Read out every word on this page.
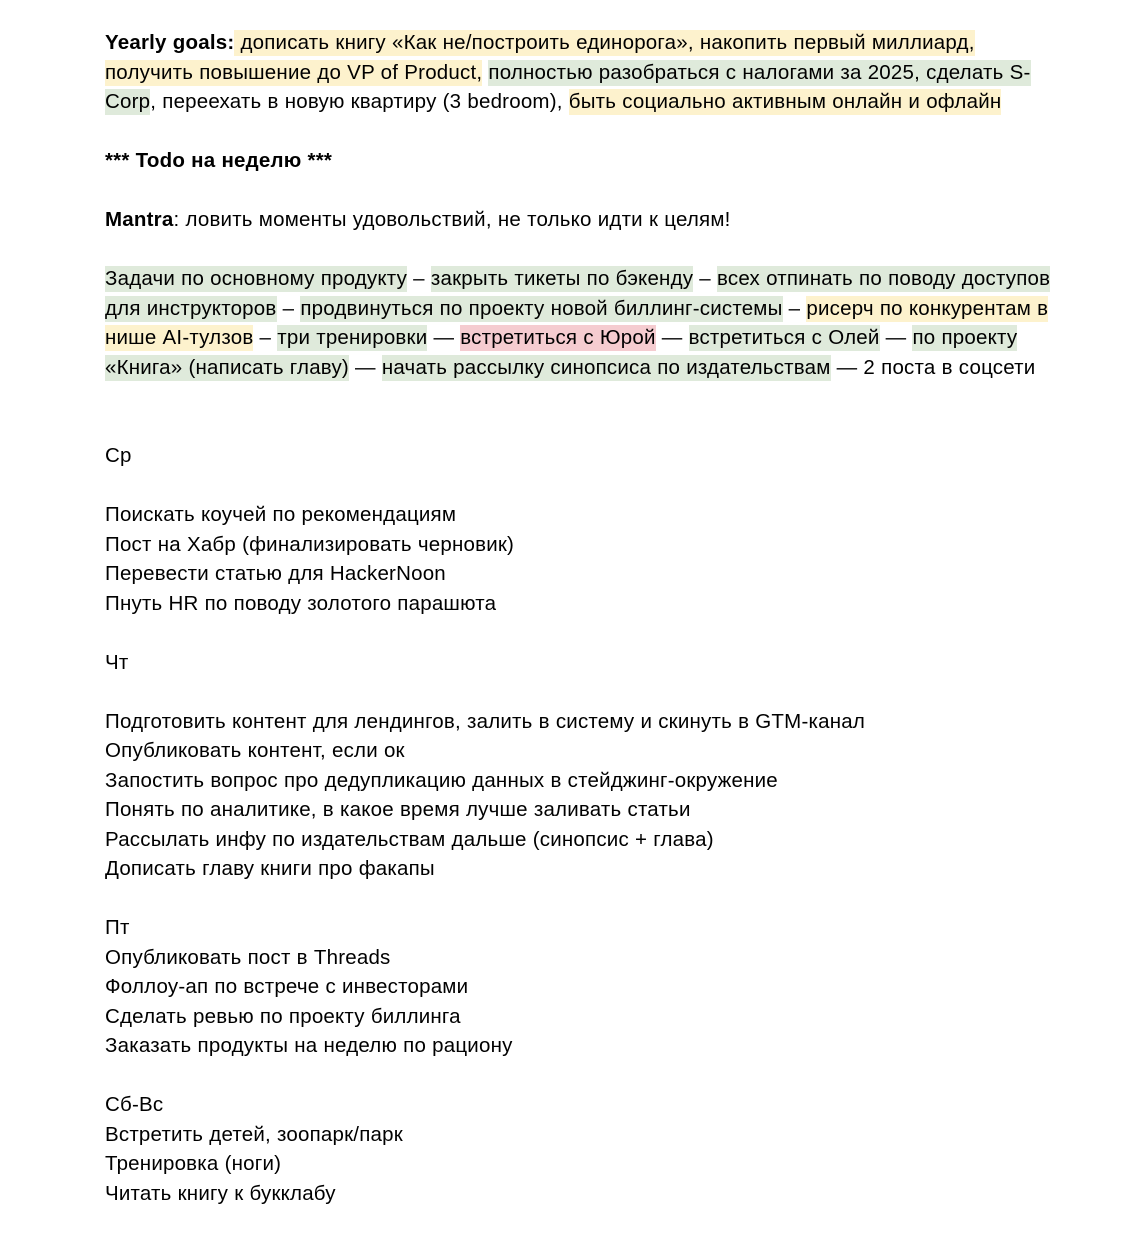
Yearly goals: дописать книгу «Как не/построить единорога», накопить первый миллиард, получить повышение до VP of Product, полностью разобраться с налогами за 2025, сделать S-Corp, переехать в новую квартиру (3 bedroom), быть социально активным онлайн и офлайн

*** Todo на неделю ***

Mantra: ловить моменты удовольствий, не только идти к целям!

Задачи по основному продукту – закрыть тикеты по бэкенду – всех отпинать по поводу доступов для инструкторов – продвинуться по проекту новой биллинг-системы – рисерч по конкурентам в нише AI-тулзов – три тренировки — встретиться с Юрой — встретиться с Олей — по проекту «Книга» (написать главу) — начать рассылку синопсиса по издательствам — 2 поста в соцсети

Ср
Поискать коучей по рекомендациям
Пост на Хабр (финализировать черновик)
Перевести статью для HackerNoon
Пнуть HR по поводу золотого парашюта
Чт
Подготовить контент для лендингов, залить в систему и скинуть в GTM-канал
Опубликовать контент, если ок
Запостить вопрос про дедупликацию данных в стейджинг-окружение
Понять по аналитике, в какое время лучше заливать статьи
Рассылать инфу по издательствам дальше (синопсис + глава)
Дописать главу книги про факапы
Пт
Опубликовать пост в Threads
Фоллоу-ап по встрече с инвесторами
Сделать ревью по проекту биллинга
Заказать продукты на неделю по рациону
Сб-Вс
Встретить детей, зоопарк/парк
Тренировка (ноги)
Читать книгу к букклабу
